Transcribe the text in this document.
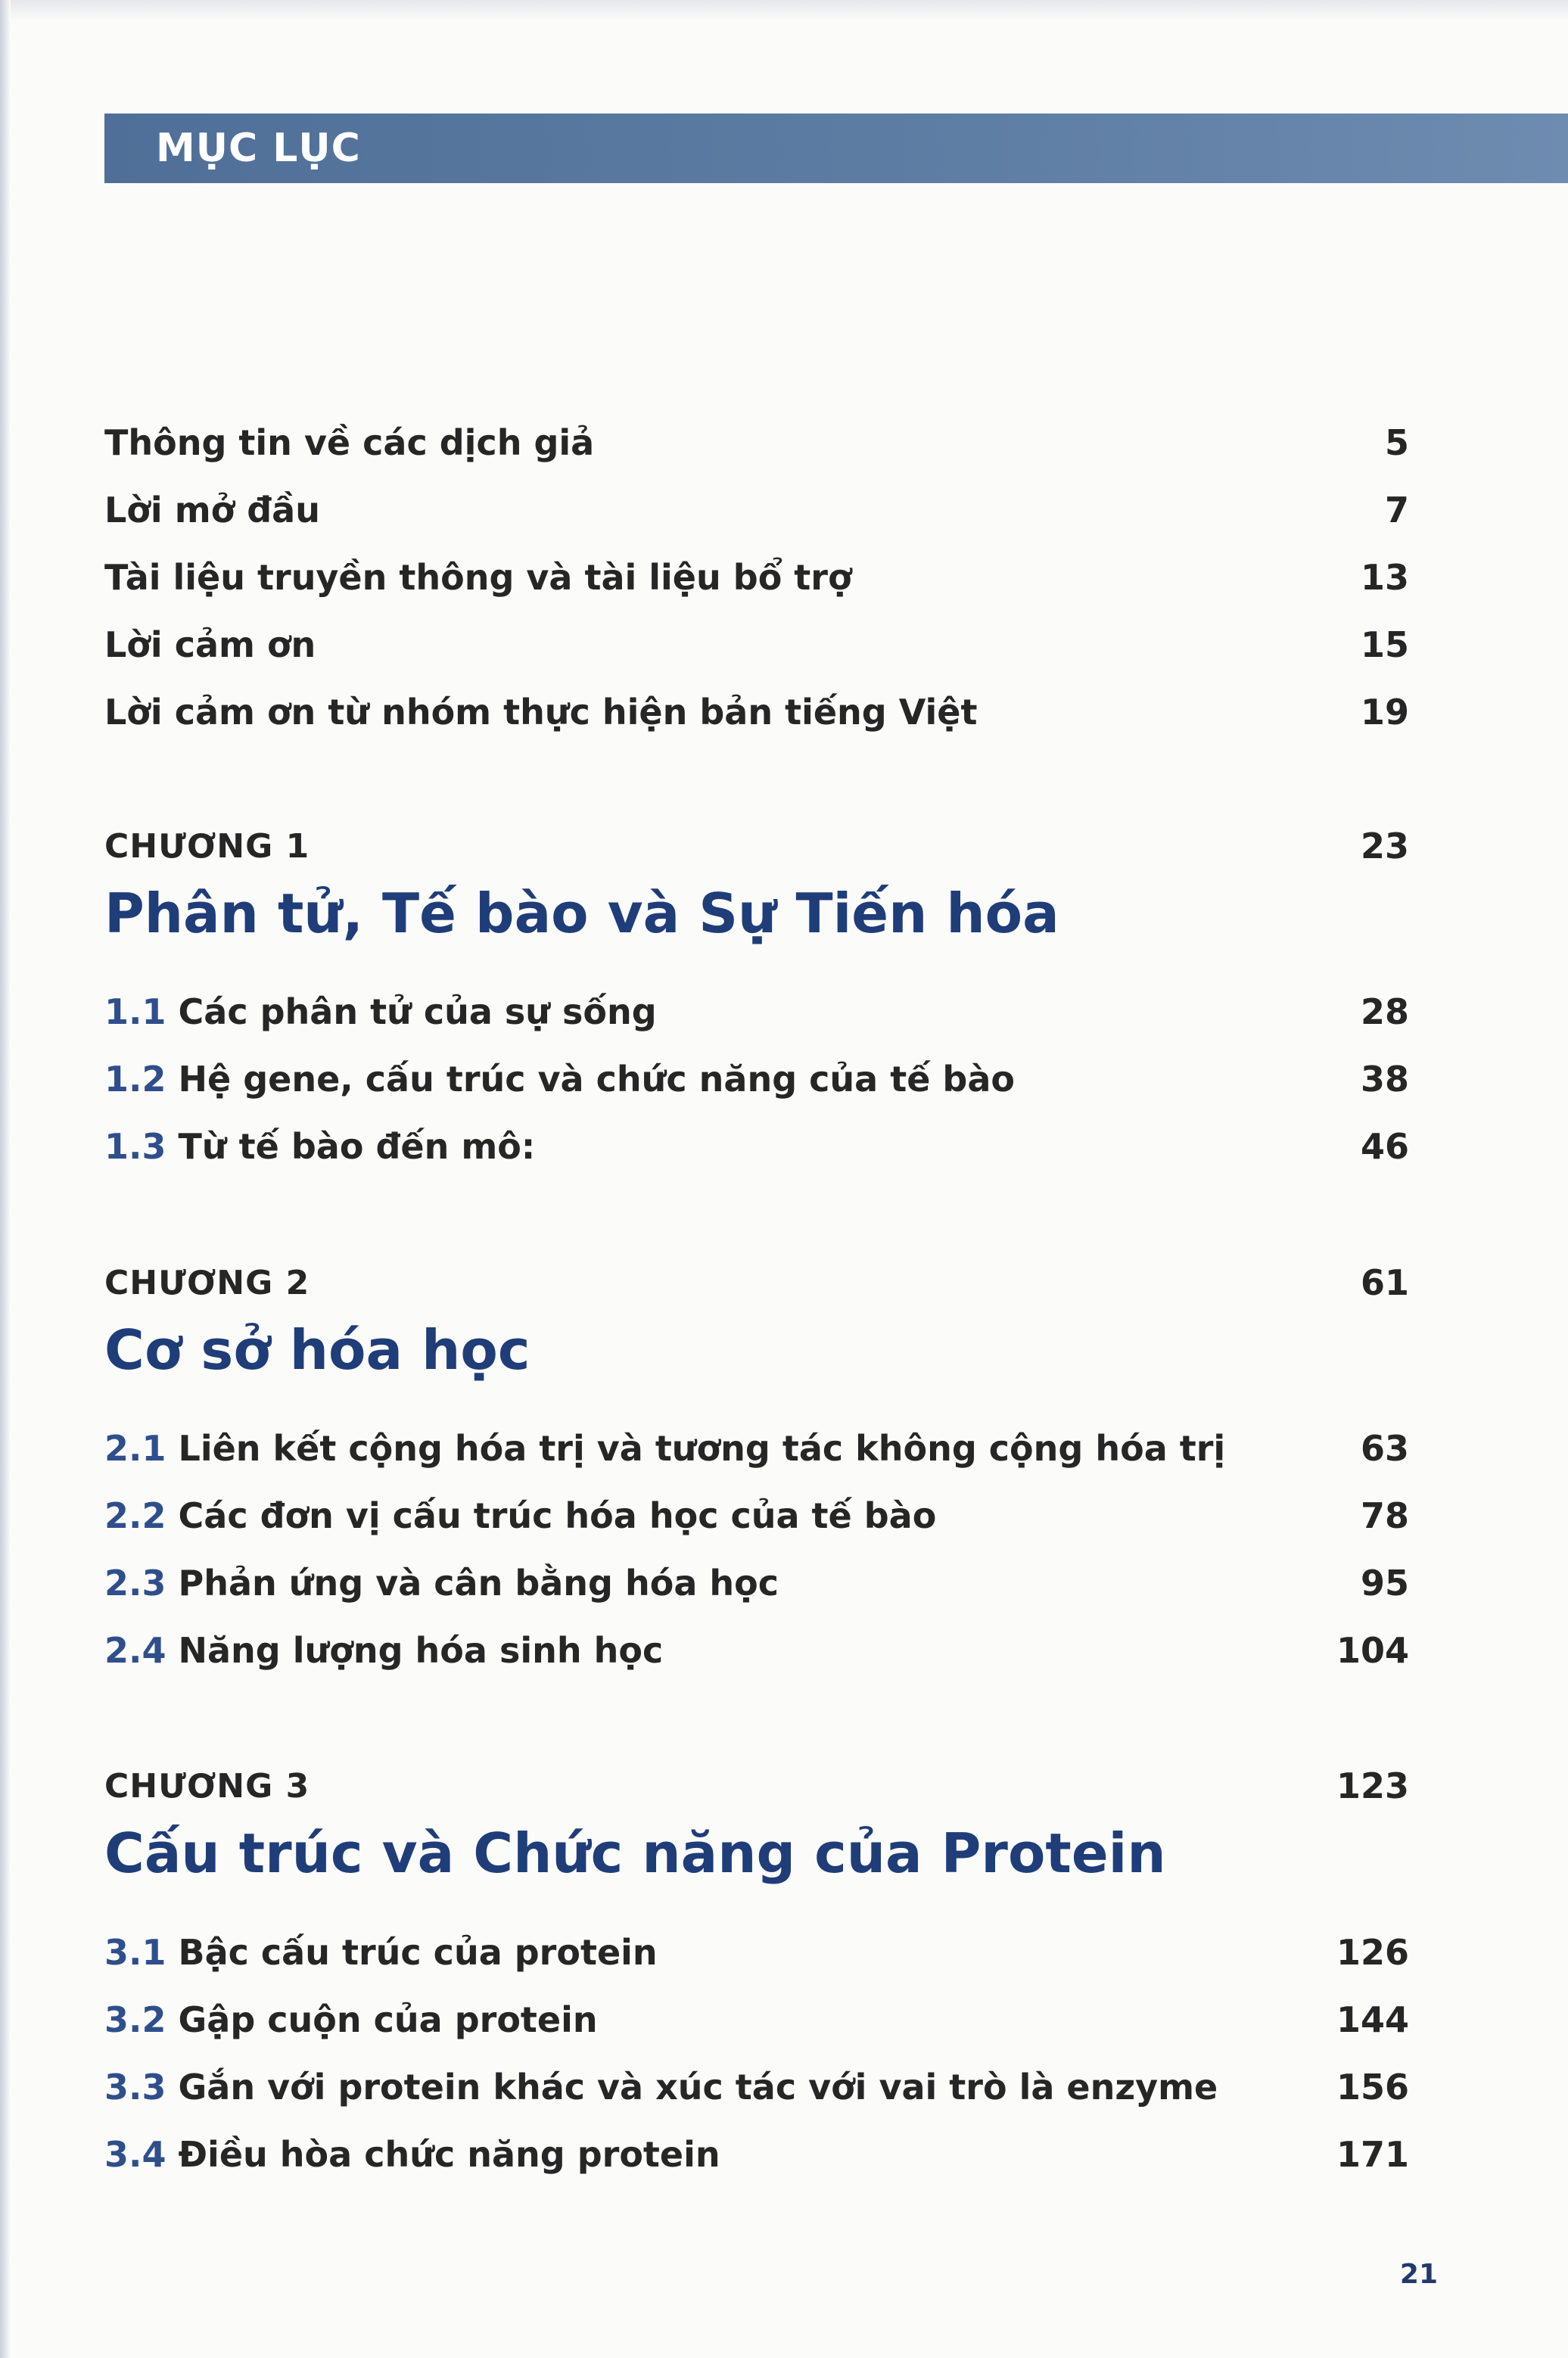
MỤC LỤC
Thông tin về các dịch giả	5
Lời mở đầu	7
Tài liệu truyền thông và tài liệu bổ trợ	13
Lời cảm ơn	15
Lời cảm ơn từ nhóm thực hiện bản tiếng Việt	19
CHƯƠNG 1	23
Phân tử, Tế bào và Sự Tiến hóa
1.1 Các phân tử của sự sống	28
1.2 Hệ gene, cấu trúc và chức năng của tế bào	38
1.3 Từ tế bào đến mô:	46
CHƯƠNG 2	61
Cơ sở hóa học
2.1 Liên kết cộng hóa trị và tương tác không cộng hóa trị	63
2.2 Các đơn vị cấu trúc hóa học của tế bào	78
2.3 Phản ứng và cân bằng hóa học	95
2.4 Năng lượng hóa sinh học	104
CHƯƠNG 3	123
Cấu trúc và Chức năng của Protein
3.1 Bậc cấu trúc của protein	126
3.2 Gập cuộn của protein	144
3.3 Gắn với protein khác và xúc tác với vai trò là enzyme	156
3.4 Điều hòa chức năng protein	171
21
